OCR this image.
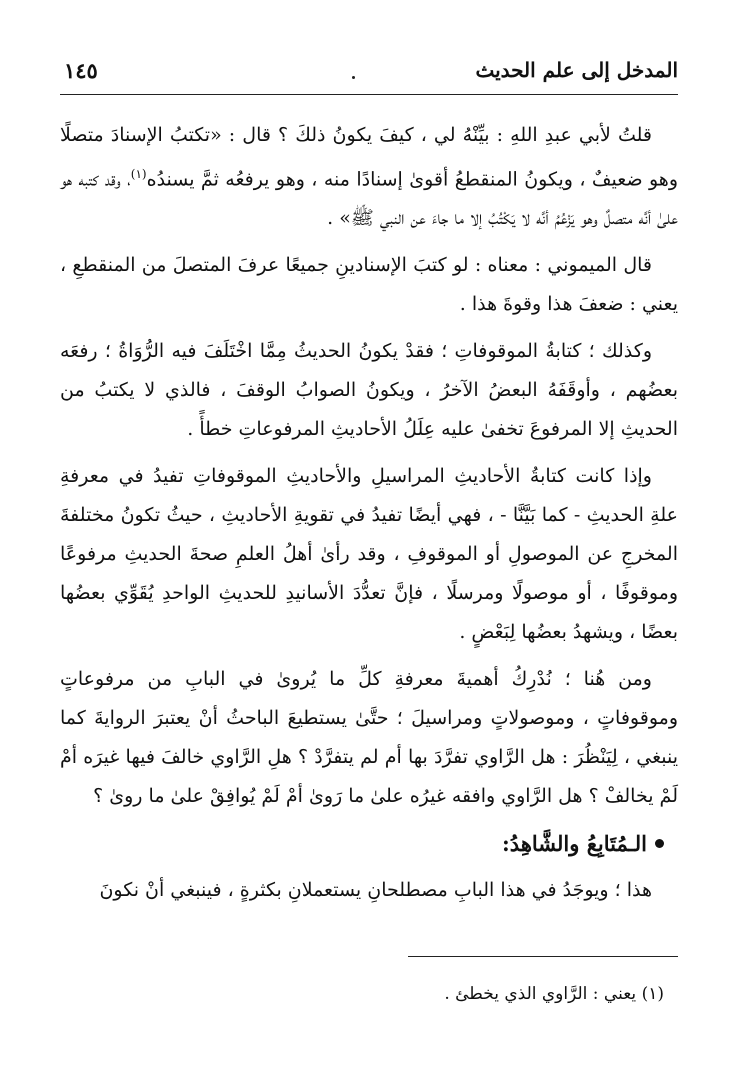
المدخل إلى علم الحديث
١٤٥

قلتُ لأبي عبدِ اللهِ : بيِّنْهُ لي ، كيفَ يكونُ ذلكَ ؟ قال : «تكتبُ الإسنادَ متصلًا وهو ضعيفٌ ، ويكونُ المنقطعُ أقوىٰ إسنادًا منه ، وهو يرفعُه ثمَّ يسندُه$^{(١)}$، وقد كتبه هو علىٰ أنَّه متصلٌ وهو يَزْعُمُ أنَّه لا يَكْتُبُ إلا ما جاءَ عن النبي ﷺ» .

قال الميموني : معناه : لو كتبَ الإسنادينِ جميعًا عرفَ المتصلَ من المنقطعِ ، يعني : ضعفَ هذا وقوةَ هذا .

وكذلك ؛ كتابةُ الموقوفاتِ ؛ فقدْ يكونُ الحديثُ مِمَّا اخْتَلَفَ فيه الرُّوَاةُ ؛ رفعَه بعضُهم ، وأوقَفَهُ البعضُ الآخرُ ، ويكونُ الصوابُ الوقفَ ، فالذي لا يكتبُ من الحديثِ إلا المرفوعَ تخفىٰ عليه عِلَلُ الأحاديثِ المرفوعاتِ خطأً .

وإذا كانت كتابةُ الأحاديثِ المراسيلِ والأحاديثِ الموقوفاتِ تفيدُ في معرفةِ علةِ الحديثِ - كما بَيَّنَّا - ، فهي أيضًا تفيدُ في تقويةِ الأحاديثِ ، حيثُ تكونُ مختلفةَ المخرجِ عن الموصولِ أو الموقوفِ ، وقد رأىٰ أهلُ العلمِ صحةَ الحديثِ مرفوعًا وموقوفًا ، أو موصولًا ومرسلًا ، فإنَّ تعدُّدَ الأسانيدِ للحديثِ الواحدِ يُقَوِّي بعضُها بعضًا ، ويشهدُ بعضُها لِبَعْضٍ .

ومن هُنا ؛ نُدْرِكُ أهميةَ معرفةِ كلِّ ما يُروىٰ في البابِ من مرفوعاتٍ وموقوفاتٍ ، وموصولاتٍ ومراسيلَ ؛ حتَّىٰ يستطيعَ الباحثُ أنْ يعتبرَ الروايةَ كما ينبغي ، لِيَنْظُرَ : هل الرَّاوي تفرَّدَ بها أم لم يتفرَّدْ ؟ هلِ الرَّاوي خالفَ فيها غيرَه أمْ لَمْ يخالفْ ؟ هل الرَّاوي وافقه غيرُه علىٰ ما رَوىٰ أمْ لَمْ يُوافِقْ علىٰ ما روىٰ ؟

الـمُتَابِعُ والشَّاهِدُ:

هذا ؛ ويوجَدُ في هذا البابِ مصطلحانِ يستعملانِ بكثرةٍ ، فينبغي أنْ نكونَ

(١) يعني : الرَّاوي الذي يخطئ .
